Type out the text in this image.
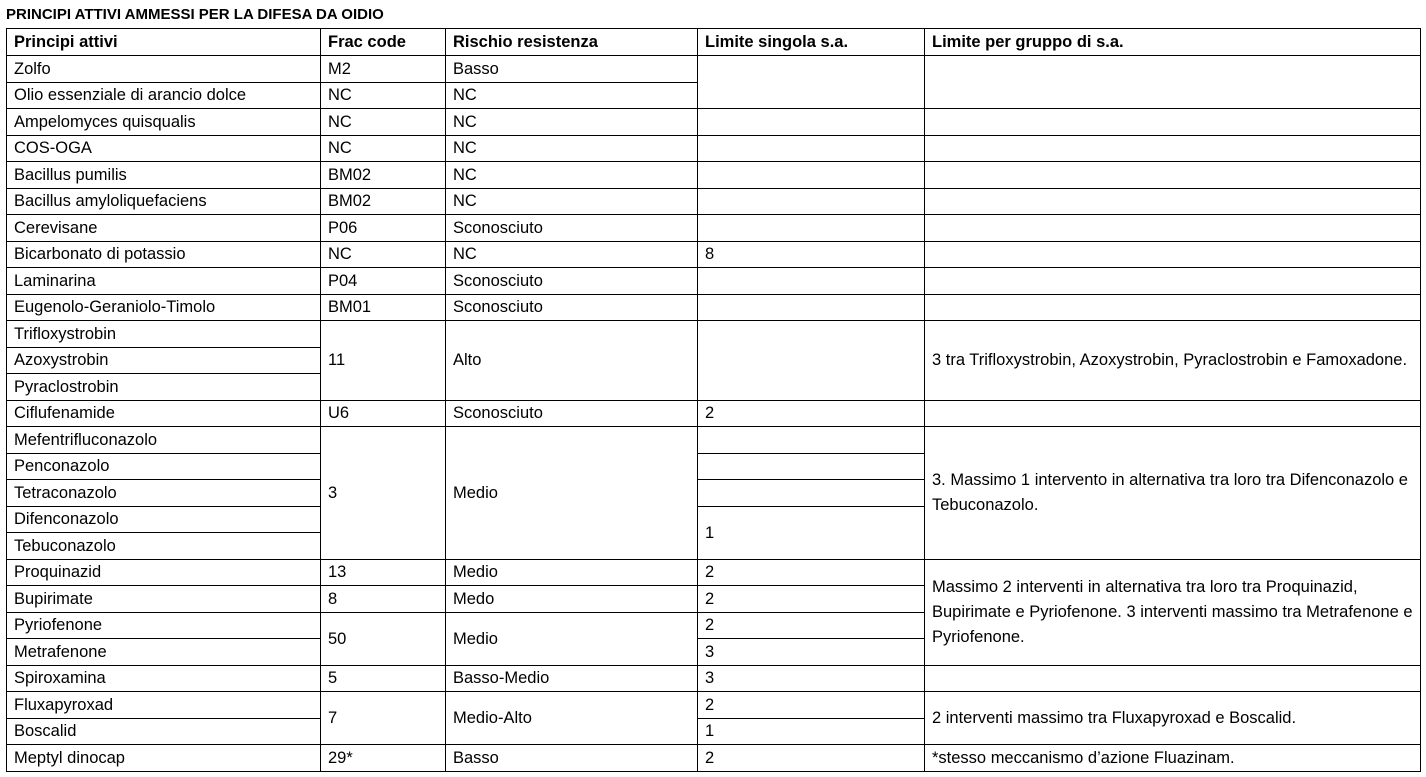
PRINCIPI ATTIVI AMMESSI PER LA DIFESA DA OIDIO
Principi attivi	Frac code	Rischio resistenza	Limite singola s.a.	Limite per gruppo di s.a.
Zolfo	M2	Basso		
Olio essenziale di arancio dolce	NC	NC		
Ampelomyces quisqualis	NC	NC		
COS-OGA	NC	NC		
Bacillus pumilis	BM02	NC		
Bacillus amyloliquefaciens	BM02	NC		
Cerevisane	P06	Sconosciuto		
Bicarbonato di potassio	NC	NC	8	
Laminarina	P04	Sconosciuto		
Eugenolo-Geraniolo-Timolo	BM01	Sconosciuto		
Trifloxystrobin	11	Alto		3 tra Trifloxystrobin, Azoxystrobin, Pyraclostrobin e Famoxadone.
Azoxystrobin				
Pyraclostrobin				
Ciflufenamide	U6	Sconosciuto	2	
Mefentrifluconazolo	3	Medio		3. Massimo 1 intervento in alternativa tra loro tra Difenconazolo e Tebuconazolo.
Penconazolo				
Tetraconazolo				
Difenconazolo			1	
Tebuconazolo				
Proquinazid	13	Medio	2	Massimo 2 interventi in alternativa tra loro tra Proquinazid, Bupirimate e Pyriofenone. 3 interventi massimo tra Metrafenone e Pyriofenone.
Bupirimate	8	Medo	2	
Pyriofenone	50	Medio	2	
Metrafenone			3	
Spiroxamina	5	Basso-Medio	3	
Fluxapyroxad	7	Medio-Alto	2	2 interventi massimo tra Fluxapyroxad e Boscalid.
Boscalid			1	
Meptyl dinocap	29*	Basso	2	*stesso meccanismo d’azione Fluazinam.
